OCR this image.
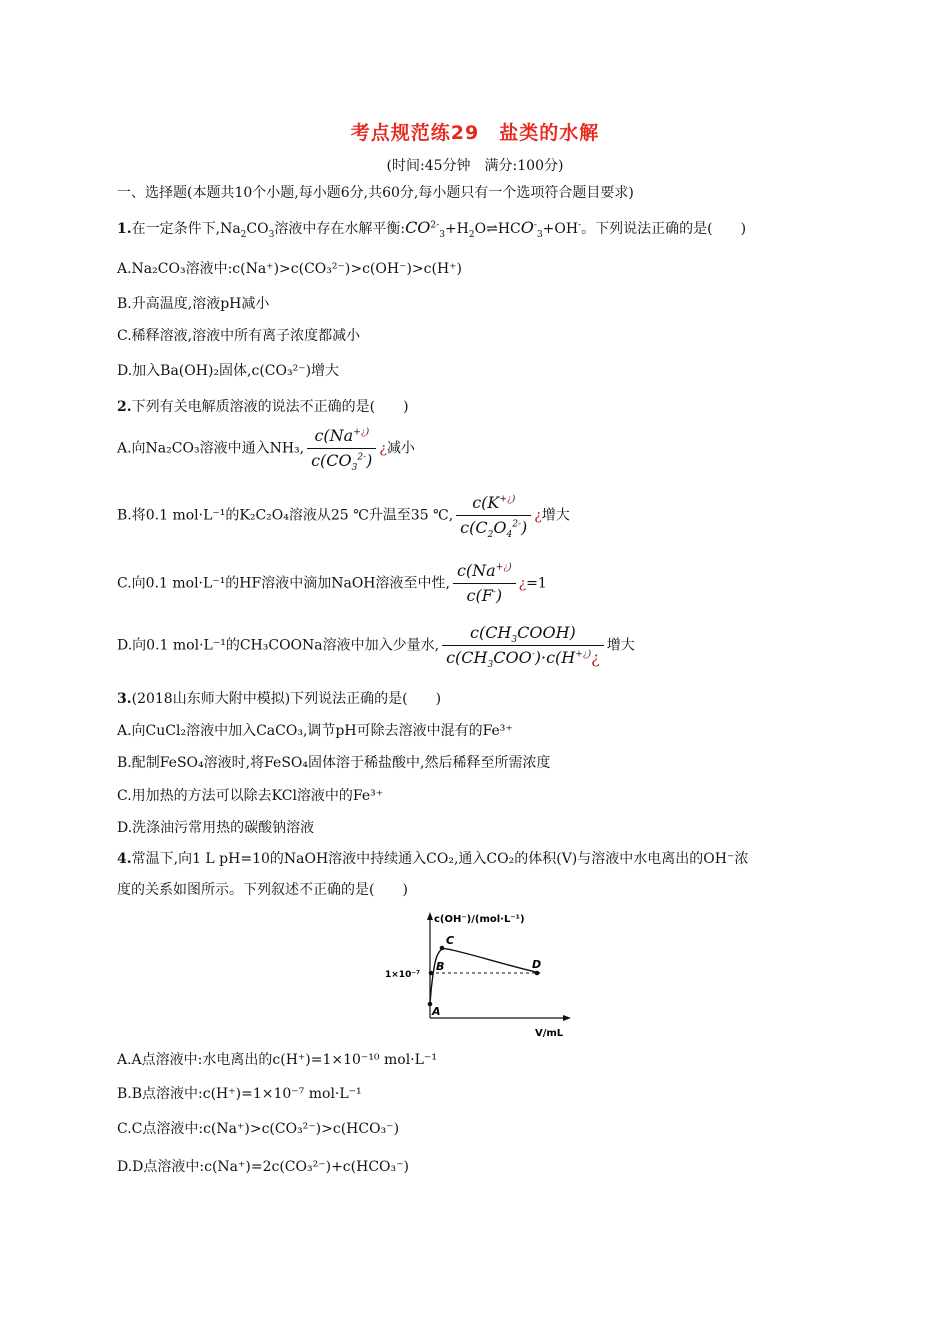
考点规范练29　盐类的水解
(时间:45分钟　满分:100分)
一、选择题(本题共10个小题,每小题6分,共60分,每小题只有一个选项符合题目要求)
1.在一定条件下$,Na_2CO_3$溶液中存在水解平衡$:CO^{2-}_3+H_2O\rightleftharpoons HCO^-_3+OH^-$。下列说法正确的是(　　)
A.Na₂CO₃溶液中:c(Na⁺)>c(CO₃²⁻)>c(OH⁻)>c(H⁺)
B.升高温度,溶液pH减小
C.稀释溶液,溶液中所有离子浓度都减小
D.加入Ba(OH)₂固体,c(CO₃²⁻)增大
2.下列有关电解质溶液的说法不正确的是(　　)
A.向Na₂CO₃溶液中通入NH₃, $\frac{c(Na^{+¿)}}{c(CO_3^{2-})}$ ¿减小
B.将0.1 mol·L⁻¹的K₂C₂O₄溶液从25 ℃升温至35 ℃, $\frac{c(K^{+¿)}}{c(C_2O_4^{2-})}$ ¿增大
C.向0.1 mol·L⁻¹的HF溶液中滴加NaOH溶液至中性, $\frac{c(Na^{+¿)}}{c(F^-)}$ ¿=1
D.向0.1 mol·L⁻¹的CH₃COONa溶液中加入少量水, $\frac{c(CH_3COOH)}{c(CH_3COO^-)\cdot c(H^{+¿)}¿}$ 增大
3.(2018山东师大附中模拟)下列说法正确的是(　　)
A.向CuCl₂溶液中加入CaCO₃,调节pH可除去溶液中混有的Fe³⁺
B.配制FeSO₄溶液时,将FeSO₄固体溶于稀盐酸中,然后稀释至所需浓度
C.用加热的方法可以除去KCl溶液中的Fe³⁺
D.洗涤油污常用热的碳酸钠溶液
4.常温下,向1 L pH=10的NaOH溶液中持续通入CO₂,通入CO₂的体积(V)与溶液中水电离出的OH⁻浓
度的关系如图所示。下列叙述不正确的是(　　)
c(OH⁻)/(mol·L⁻¹)
V/mL
1×10⁻⁷
A
B
C
D
A.A点溶液中:水电离出的c(H⁺)=1×10⁻¹⁰ mol·L⁻¹
B.B点溶液中:c(H⁺)=1×10⁻⁷ mol·L⁻¹
C.C点溶液中:c(Na⁺)>c(CO₃²⁻)>c(HCO₃⁻)
D.D点溶液中:c(Na⁺)=2c(CO₃²⁻)+c(HCO₃⁻)
